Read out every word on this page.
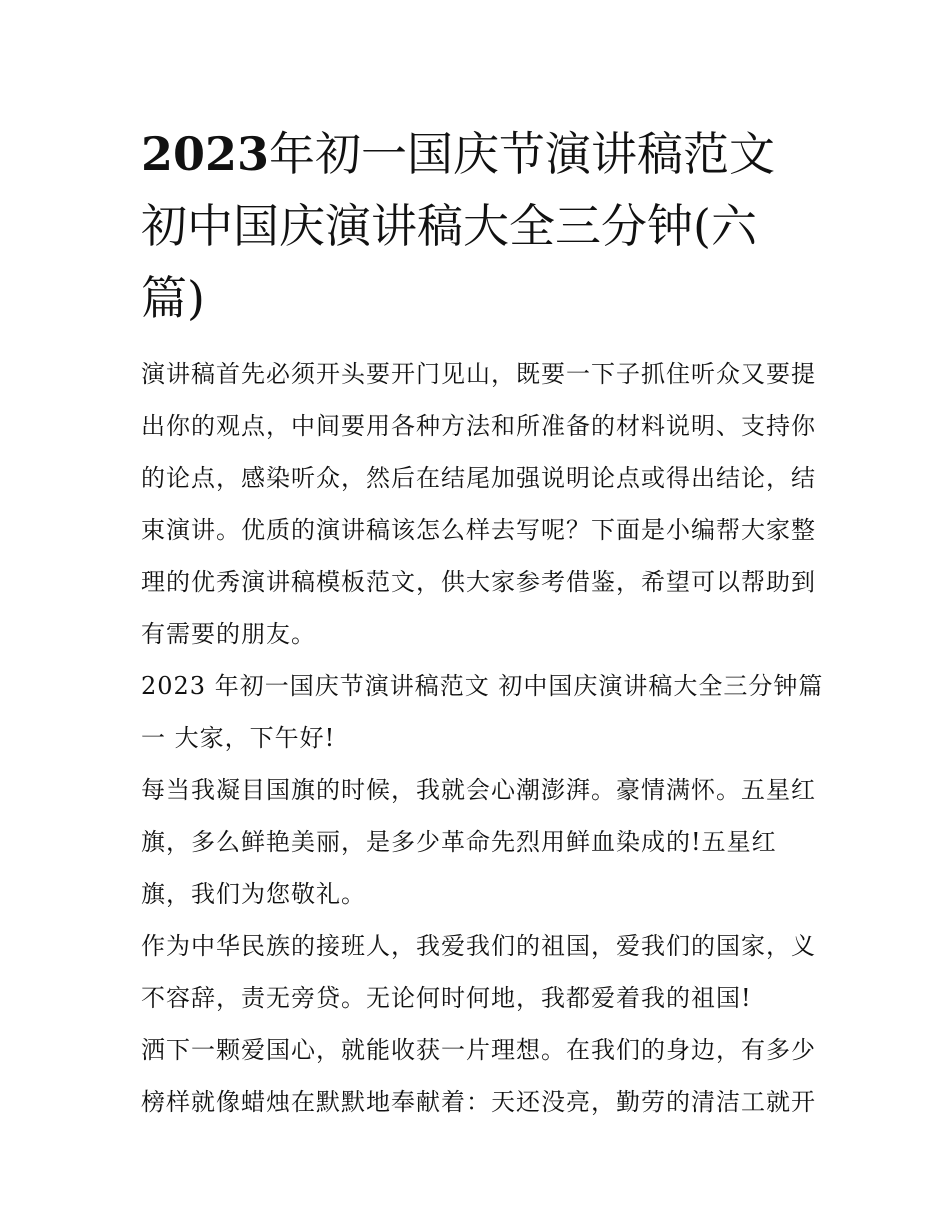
2023年初一国庆节演讲稿范文
初中国庆演讲稿大全三分钟(六
篇)

演讲稿首先必须开头要开门见山，既要一下子抓住听众又要提
出你的观点，中间要用各种方法和所准备的材料说明、支持你
的论点，感染听众，然后在结尾加强说明论点或得出结论，结
束演讲。优质的演讲稿该怎么样去写呢？下面是小编帮大家整
理的优秀演讲稿模板范文，供大家参考借鉴，希望可以帮助到
有需要的朋友。

2023 年初一国庆节演讲稿范文 初中国庆演讲稿大全三分钟篇
一 大家，下午好!

每当我凝目国旗的时候，我就会心潮澎湃。豪情满怀。五星红
旗，多么鲜艳美丽，是多少革命先烈用鲜血染成的!五星红
旗，我们为您敬礼。

作为中华民族的接班人，我爱我们的祖国，爱我们的国家，义
不容辞，责无旁贷。无论何时何地，我都爱着我的祖国!

洒下一颗爱国心，就能收获一片理想。在我们的身边，有多少
榜样就像蜡烛在默默地奉献着：天还没亮，勤劳的清洁工就开
